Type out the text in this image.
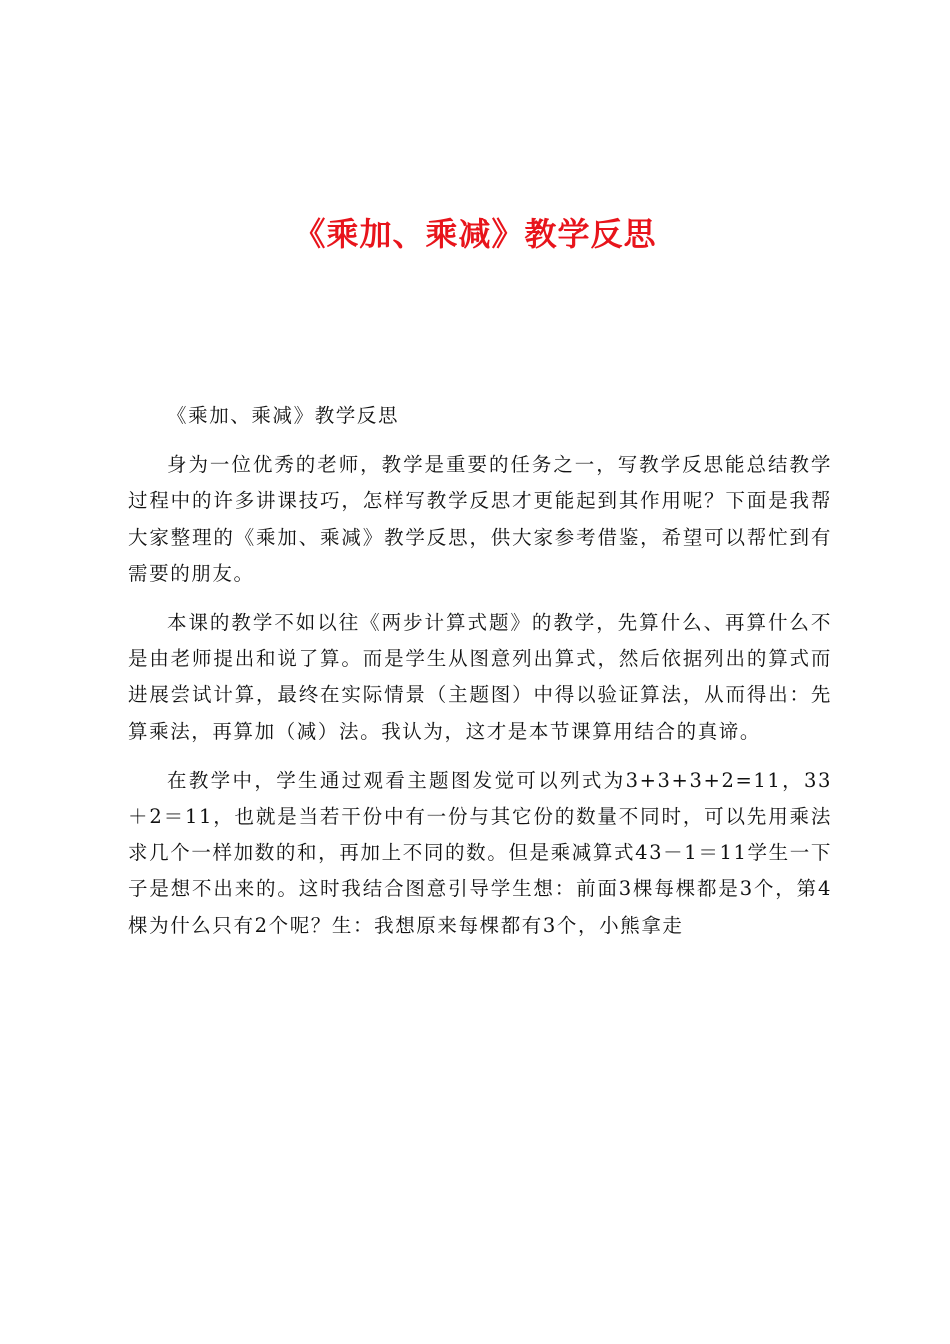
《乘加、乘减》教学反思

《乘加、乘减》教学反思

身为一位优秀的老师，教学是重要的任务之一，写教学反思能总结教学过程中的许多讲课技巧，怎样写教学反思才更能起到其作用呢？下面是我帮大家整理的《乘加、乘减》教学反思，供大家参考借鉴，希望可以帮忙到有需要的朋友。

本课的教学不如以往《两步计算式题》的教学，先算什么、再算什么不是由老师提出和说了算。而是学生从图意列出算式，然后依据列出的算式而进展尝试计算，最终在实际情景（主题图）中得以验证算法，从而得出：先算乘法，再算加（减）法。我认为，这才是本节课算用结合的真谛。

在教学中，学生通过观看主题图发觉可以列式为3+3+3+2=11，33＋2＝11，也就是当若干份中有一份与其它份的数量不同时，可以先用乘法求几个一样加数的和，再加上不同的数。但是乘减算式43－1＝11学生一下子是想不出来的。这时我结合图意引导学生想：前面3棵每棵都是3个，第4棵为什么只有2个呢？生：我想原来每棵都有3个，小熊拿走
